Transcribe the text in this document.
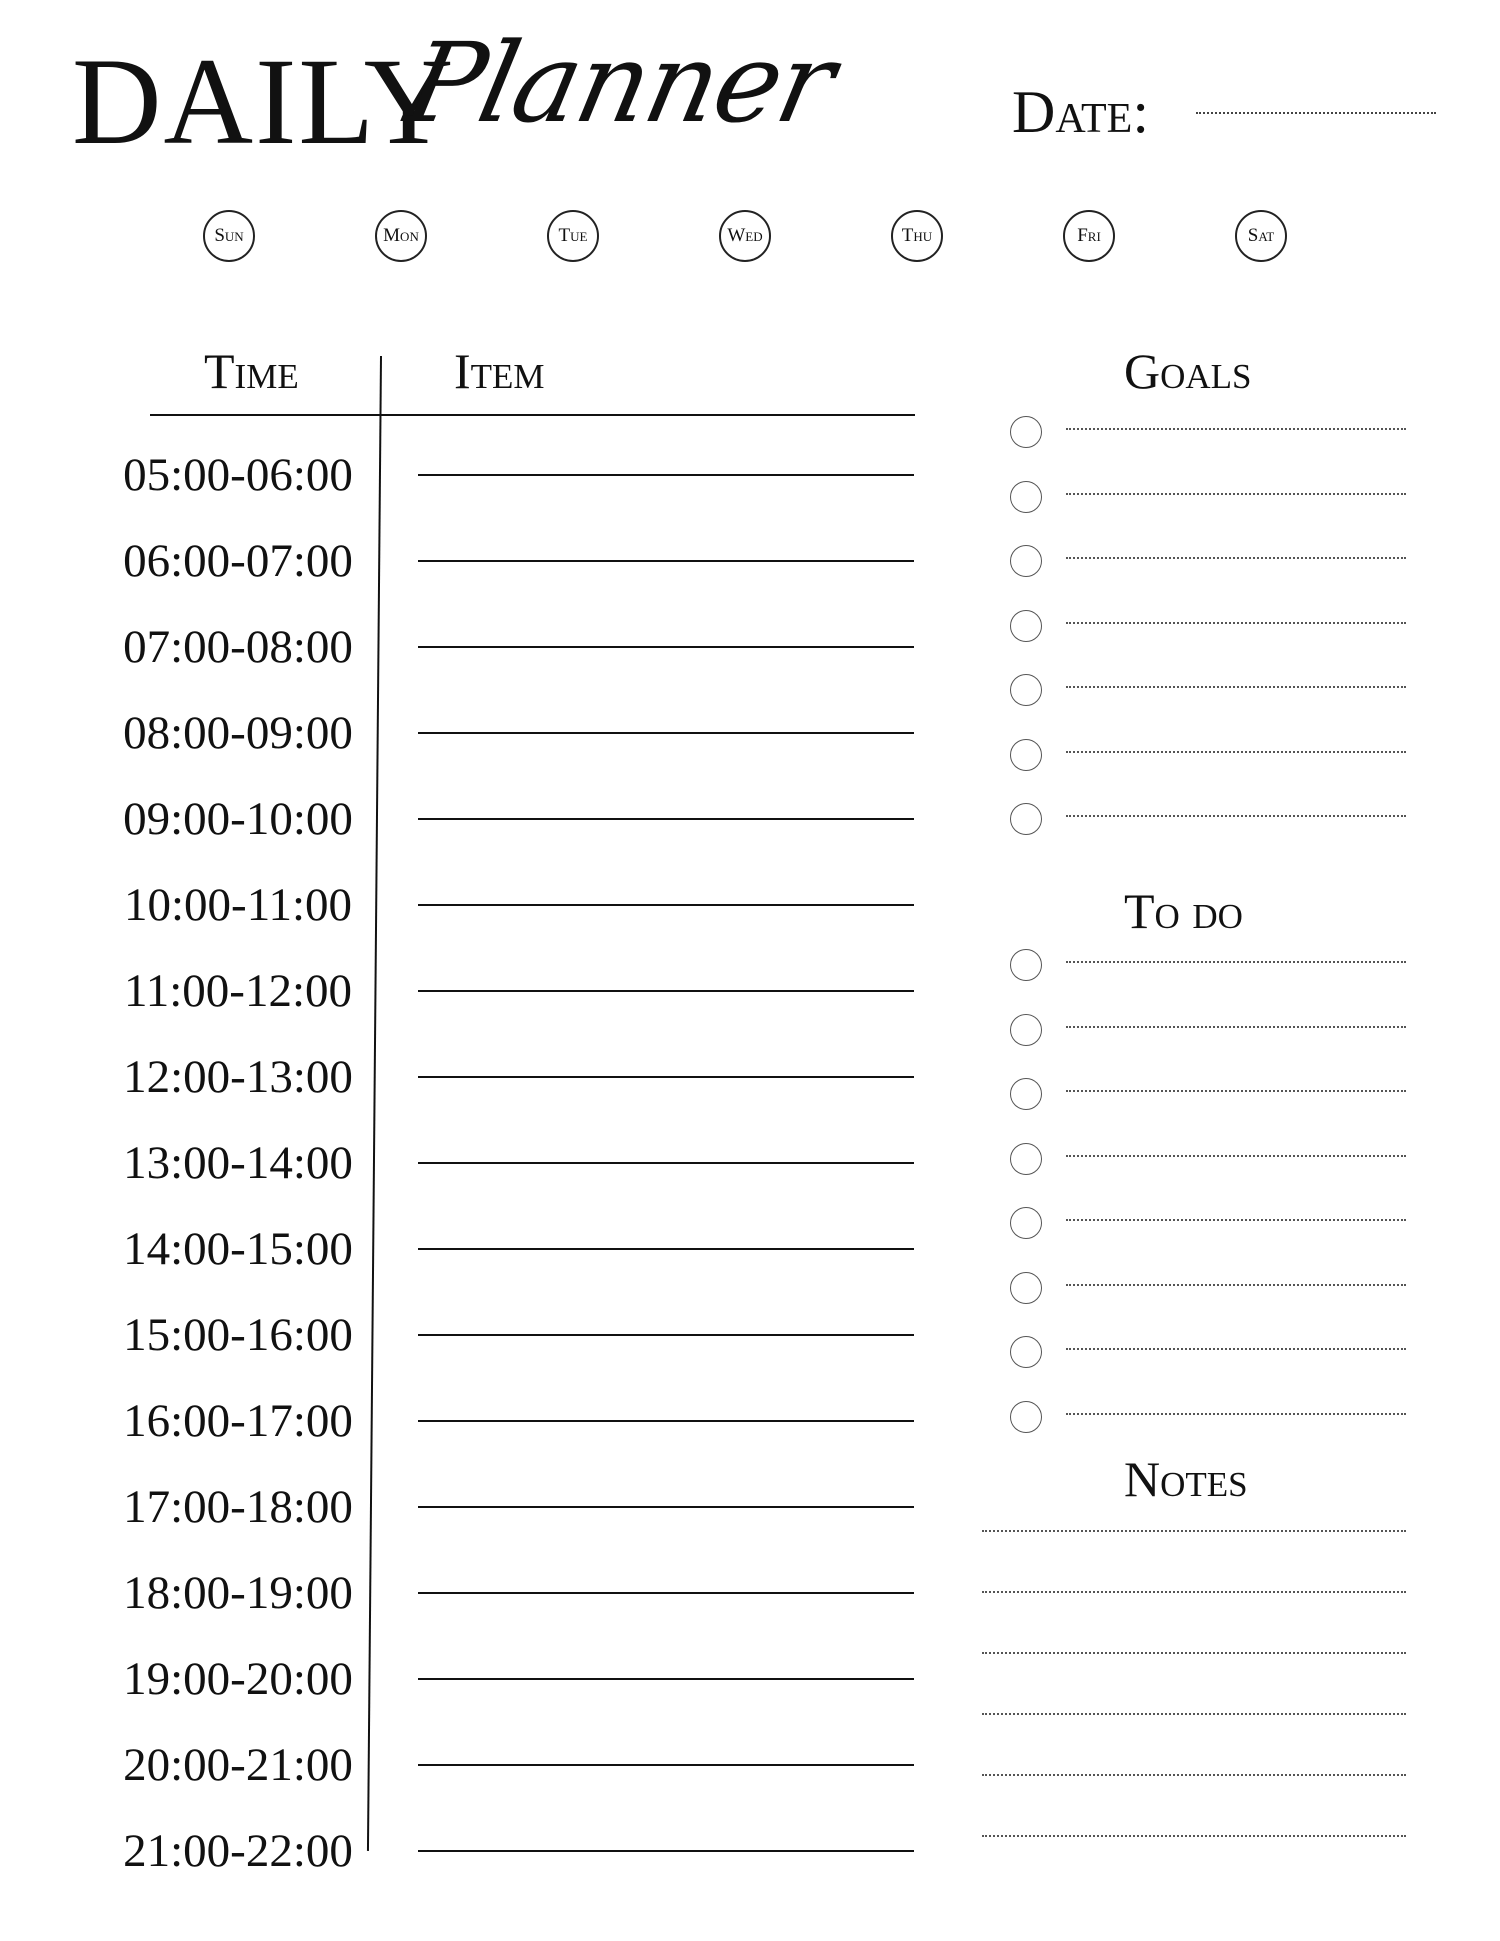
DAILY
Planner	Date:
Sun	Mon	Tue	Wed	Thu	Fri	Sat
Time	Item
05:00-06:00
06:00-07:00
07:00-08:00
08:00-09:00
09:00-10:00
10:00-11:00
11:00-12:00
12:00-13:00
13:00-14:00
14:00-15:00
15:00-16:00
16:00-17:00
17:00-18:00
18:00-19:00
19:00-20:00
20:00-21:00
21:00-22:00
Goals
To do
Notes
